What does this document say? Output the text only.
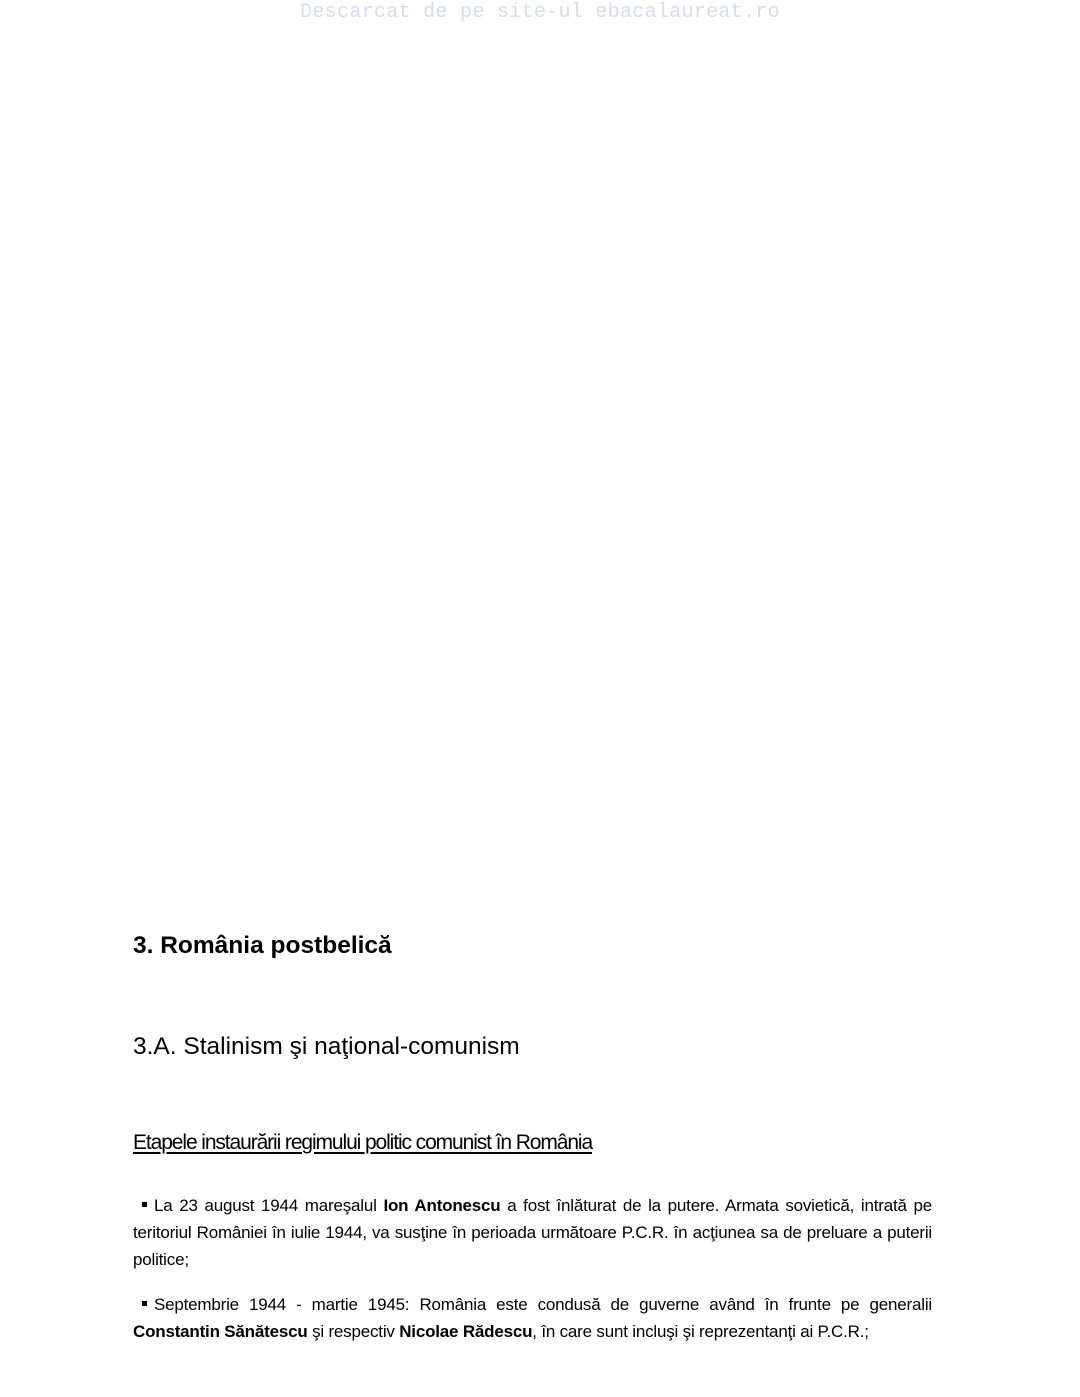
Descarcat de pe site-ul ebacalaureat.ro
3. România postbelică
3.A. Stalinism şi naţional-comunism
Etapele instaurării regimului politic comunist în România

La 23 august 1944 mareşalul Ion Antonescu a fost înlăturat de la putere. Armata sovietică, intrată pe teritoriul României în iulie 1944, va susţine în perioada următoare P.C.R. în acţiunea sa de preluare a puterii politice;

Septembrie 1944 - martie 1945: România este condusă de guverne având în frunte pe generalii Constantin Sănătescu şi respectiv Nicolae Rădescu, în care sunt incluşi şi reprezentanţi ai P.C.R.;
